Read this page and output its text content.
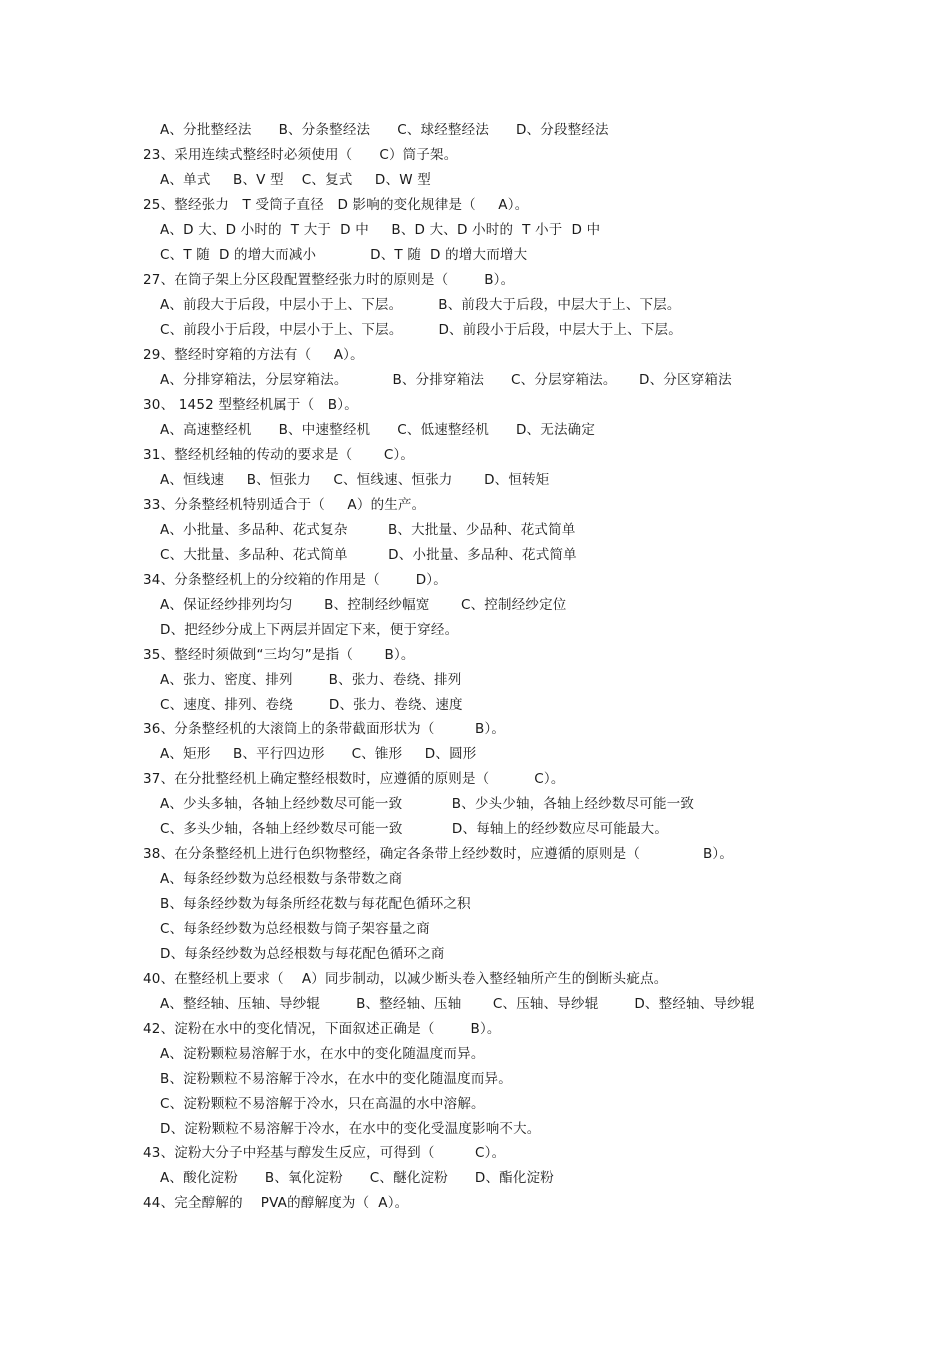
A、分批整经法      B、分条整经法      C、球经整经法      D、分段整经法
23、采用连续式整经时必须使用（      C）筒子架。
A、单式     B、V 型    C、复式     D、W 型
25、整经张力   T 受筒子直径   D 影响的变化规律是（     A）。
A、D 大、D 小时的  T 大于  D 中     B、D 大、D 小时的  T 小于  D 中
C、T 随  D 的增大而减小            D、T 随  D 的增大而增大
27、在筒子架上分区段配置整经张力时的原则是（        B）。
A、前段大于后段，中层小于上、下层。        B、前段大于后段，中层大于上、下层。
C、前段小于后段，中层小于上、下层。        D、前段小于后段，中层大于上、下层。
29、整经时穿箱的方法有（     A）。
A、分排穿箱法，分层穿箱法。          B、分排穿箱法      C、分层穿箱法。     D、分区穿箱法
30、 1452 型整经机属于（   B）。
A、高速整经机      B、中速整经机      C、低速整经机      D、无法确定
31、整经机经轴的传动的要求是（       C）。
A、恒线速     B、恒张力     C、恒线速、恒张力       D、恒转矩
33、分条整经机特别适合于（     A）的生产。
A、小批量、多品种、花式复杂         B、大批量、少品种、花式简单
C、大批量、多品种、花式简单         D、小批量、多品种、花式简单
34、分条整经机上的分绞箱的作用是（        D）。
A、保证经纱排列均匀       B、控制经纱幅宽       C、控制经纱定位
D、把经纱分成上下两层并固定下来，便于穿经。
35、整经时须做到“三均匀”是指（       B）。
A、张力、密度、排列        B、张力、卷绕、排列
C、速度、排列、卷绕        D、张力、卷绕、速度
36、分条整经机的大滚筒上的条带截面形状为（         B）。
A、矩形     B、平行四边形      C、锥形     D、圆形
37、在分批整经机上确定整经根数时，应遵循的原则是（          C）。
A、少头多轴，各轴上经纱数尽可能一致           B、少头少轴，各轴上经纱数尽可能一致
C、多头少轴，各轴上经纱数尽可能一致           D、每轴上的经纱数应尽可能最大。
38、在分条整经机上进行色织物整经，确定各条带上经纱数时，应遵循的原则是（              B）。
A、每条经纱数为总经根数与条带数之商
B、每条经纱数为每条所经花数与每花配色循环之积
C、每条经纱数为总经根数与筒子架容量之商
D、每条经纱数为总经根数与每花配色循环之商
40、在整经机上要求（    A）同步制动，以减少断头卷入整经轴所产生的倒断头疵点。
A、整经轴、压轴、导纱辊        B、整经轴、压轴       C、压轴、导纱辊        D、整经轴、导纱辊
42、淀粉在水中的变化情况，下面叙述正确是（        B）。
A、淀粉颗粒易溶解于水，在水中的变化随温度而异。
B、淀粉颗粒不易溶解于冷水，在水中的变化随温度而异。
C、淀粉颗粒不易溶解于冷水，只在高温的水中溶解。
D、淀粉颗粒不易溶解于冷水，在水中的变化受温度影响不大。
43、淀粉大分子中羟基与醇发生反应，可得到（         C）。
A、酸化淀粉      B、氧化淀粉      C、醚化淀粉      D、酯化淀粉
44、完全醇解的    PVA的醇解度为（  A）。
